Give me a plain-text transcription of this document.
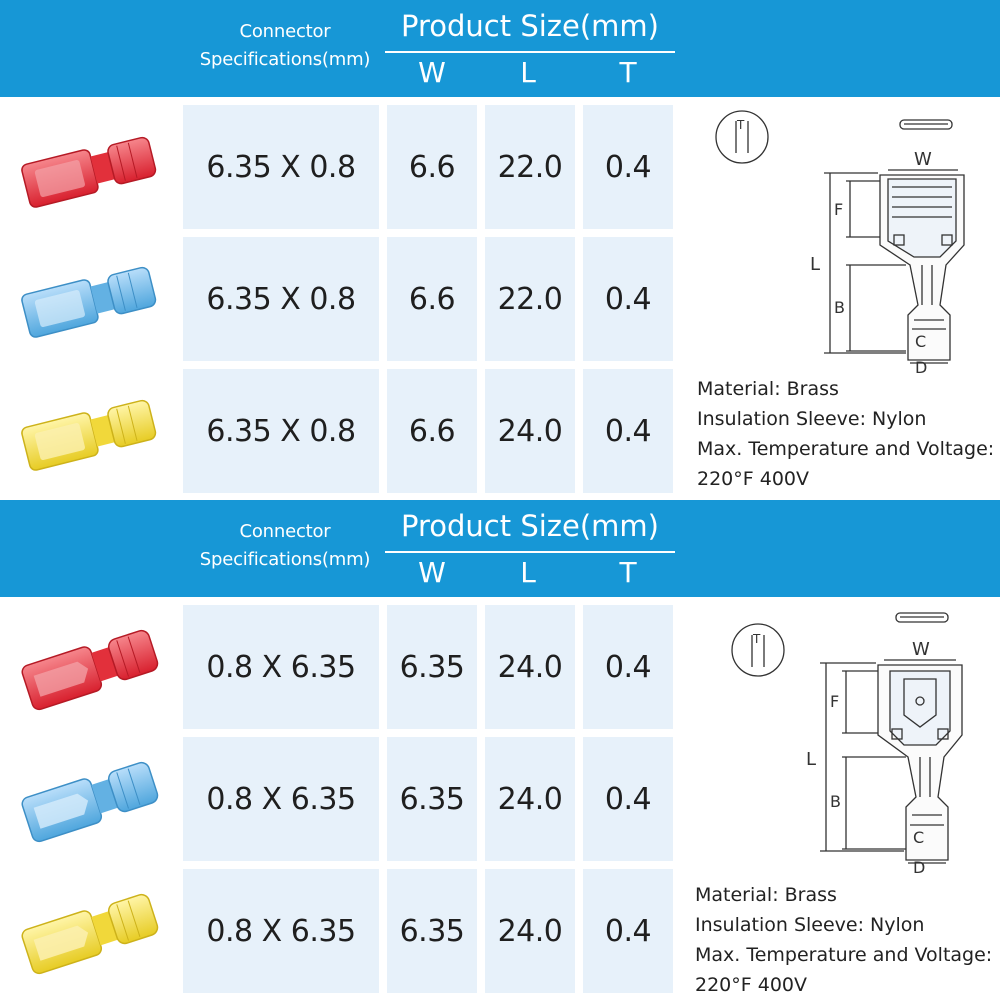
Connector
Specifications(mm)
Product Size(mm)
W	L	T
6.35 X 0.8	6.6	22.0	0.4
6.35 X 0.8	6.6	22.0	0.4
6.35 X 0.8	6.6	24.0	0.4
T
W
L
F
B
C
D
Material: Brass
Insulation Sleeve: Nylon
Max. Temperature and Voltage:
220°F 400V
Connector
Specifications(mm)
Product Size(mm)
W	L	T
0.8 X 6.35	6.35	24.0	0.4
0.8 X 6.35	6.35	24.0	0.4
0.8 X 6.35	6.35	24.0	0.4
T	W
L
F
B
C
D
Material: Brass
Insulation Sleeve: Nylon
Max. Temperature and Voltage:
220°F 400V
